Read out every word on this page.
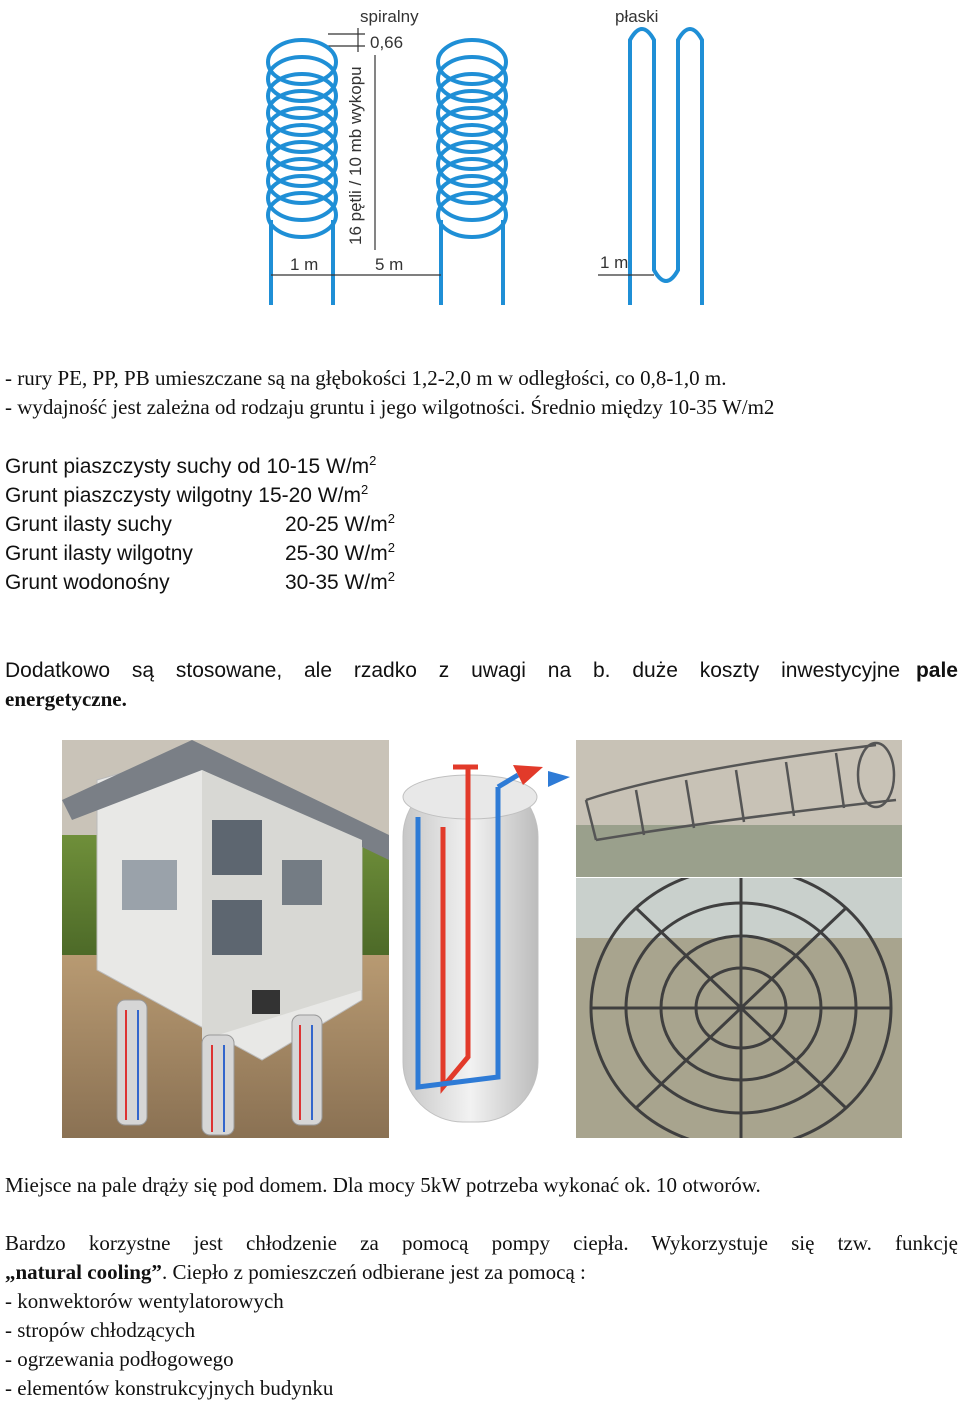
spiralny	płaski
0,66
16 pętli / 10 mb wykopu
1 m	5 m	1 m
- rury PE, PP, PB umieszczane są na głębokości 1,2-2,0 m w odległości, co 0,8-1,0 m.
- wydajność jest zależna od rodzaju gruntu i jego wilgotności. Średnio między 10-35 W/m2
Grunt piaszczysty suchy od 10-15 $W/m^2$
Grunt piaszczysty wilgotny 15-20 $W/m^2$
Grunt ilasty suchy	20-25 $W/m^2$
Grunt ilasty wilgotny	25-30 $W/m^2$
Grunt wodonośny	30-35 $W/m^2$
Dodatkowo są stosowane, ale rzadko z uwagi na b. duże koszty inwestycyjne pale
energetyczne.
Miejsce na pale drąży się pod domem. Dla mocy 5kW potrzeba wykonać ok. 10 otworów.
Bardzo korzystne jest chłodzenie za pomocą pompy ciepła. Wykorzystuje się tzw. funkcję
„natural cooling”. Ciepło z pomieszczeń odbierane jest za pomocą :
- konwektorów wentylatorowych
- stropów chłodzących
- ogrzewania podłogowego
- elementów konstrukcyjnych budynku
